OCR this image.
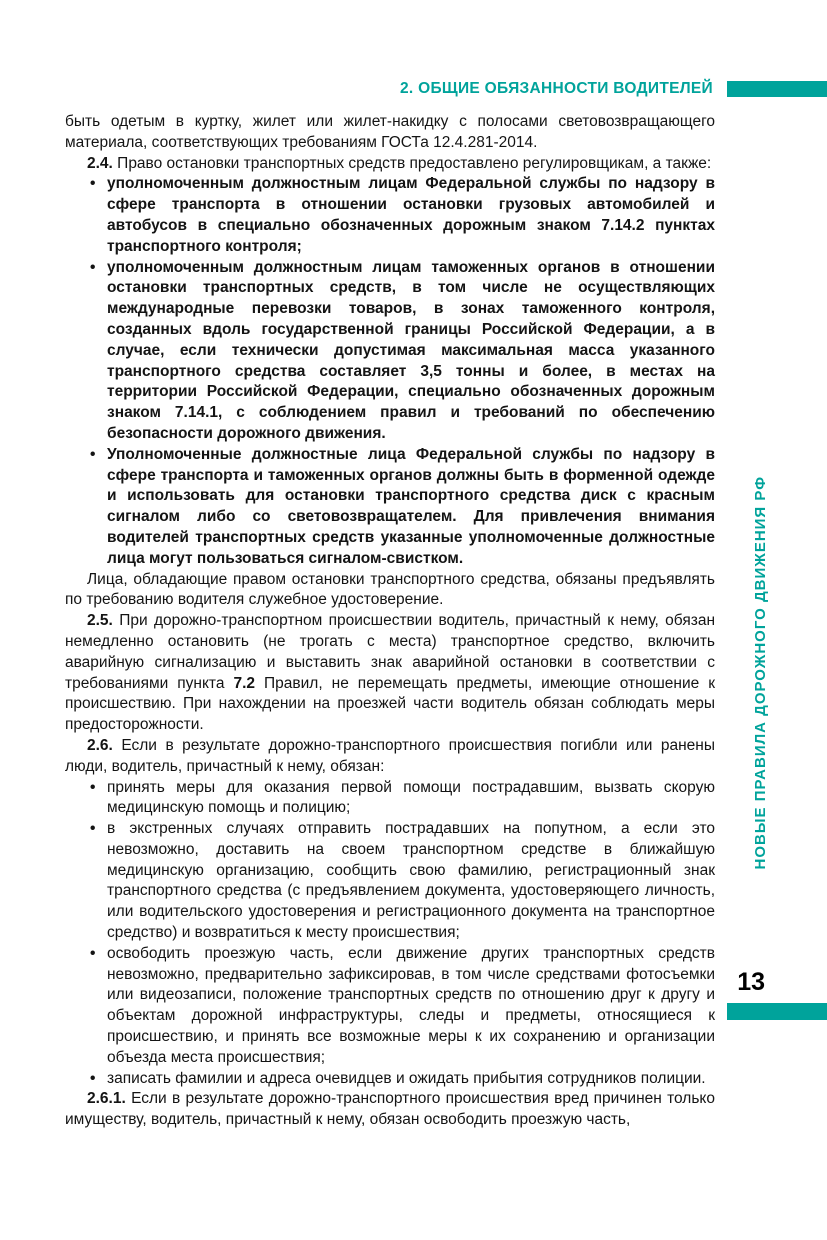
2. ОБЩИЕ ОБЯЗАННОСТИ ВОДИТЕЛЕЙ

быть одетым в куртку, жилет или жилет-накидку с полосами световозвращающего материала, соответствующих требованиям ГОСТа 12.4.281-2014.

2.4. Право остановки транспортных средств предоставлено регулировщикам, а также:

• уполномоченным должностным лицам Федеральной службы по надзору в сфере транспорта в отношении остановки грузовых автомобилей и автобусов в специально обозначенных дорожным знаком 7.14.2 пунктах транспортного контроля;
• уполномоченным должностным лицам таможенных органов в отношении остановки транспортных средств, в том числе не осуществляющих международные перевозки товаров, в зонах таможенного контроля, созданных вдоль государственной границы Российской Федерации, а в случае, если технически допустимая максимальная масса указанного транспортного средства составляет 3,5 тонны и более, в местах на территории Российской Федерации, специально обозначенных дорожным знаком 7.14.1, с соблюдением правил и требований по обеспечению безопасности дорожного движения.
• Уполномоченные должностные лица Федеральной службы по надзору в сфере транспорта и таможенных органов должны быть в форменной одежде и использовать для остановки транспортного средства диск с красным сигналом либо со световозвращателем. Для привлечения внимания водителей транспортных средств указанные уполномоченные должностные лица могут пользоваться сигналом-свистком.

Лица, обладающие правом остановки транспортного средства, обязаны предъявлять по требованию водителя служебное удостоверение.

2.5. При дорожно-транспортном происшествии водитель, причастный к нему, обязан немедленно остановить (не трогать с места) транспортное средство, включить аварийную сигнализацию и выставить знак аварийной остановки в соответствии с требованиями пункта 7.2 Правил, не перемещать предметы, имеющие отношение к происшествию. При нахождении на проезжей части водитель обязан соблюдать меры предосторожности.

2.6. Если в результате дорожно-транспортного происшествия погибли или ранены люди, водитель, причастный к нему, обязан:

• принять меры для оказания первой помощи пострадавшим, вызвать скорую медицинскую помощь и полицию;
• в экстренных случаях отправить пострадавших на попутном, а если это невозможно, доставить на своем транспортном средстве в ближайшую медицинскую организацию, сообщить свою фамилию, регистрационный знак транспортного средства (с предъявлением документа, удостоверяющего личность, или водительского удостоверения и регистрационного документа на транспортное средство) и возвратиться к месту происшествия;
• освободить проезжую часть, если движение других транспортных средств невозможно, предварительно зафиксировав, в том числе средствами фотосъемки или видеозаписи, положение транспортных средств по отношению друг к другу и объектам дорожной инфраструктуры, следы и предметы, относящиеся к происшествию, и принять все возможные меры к их сохранению и организации объезда места происшествия;
• записать фамилии и адреса очевидцев и ожидать прибытия сотрудников полиции.

2.6.1. Если в результате дорожно-транспортного происшествия вред причинен только имуществу, водитель, причастный к нему, обязан освободить проезжую часть,

НОВЫЕ ПРАВИЛА ДОРОЖНОГО ДВИЖЕНИЯ РФ
13
